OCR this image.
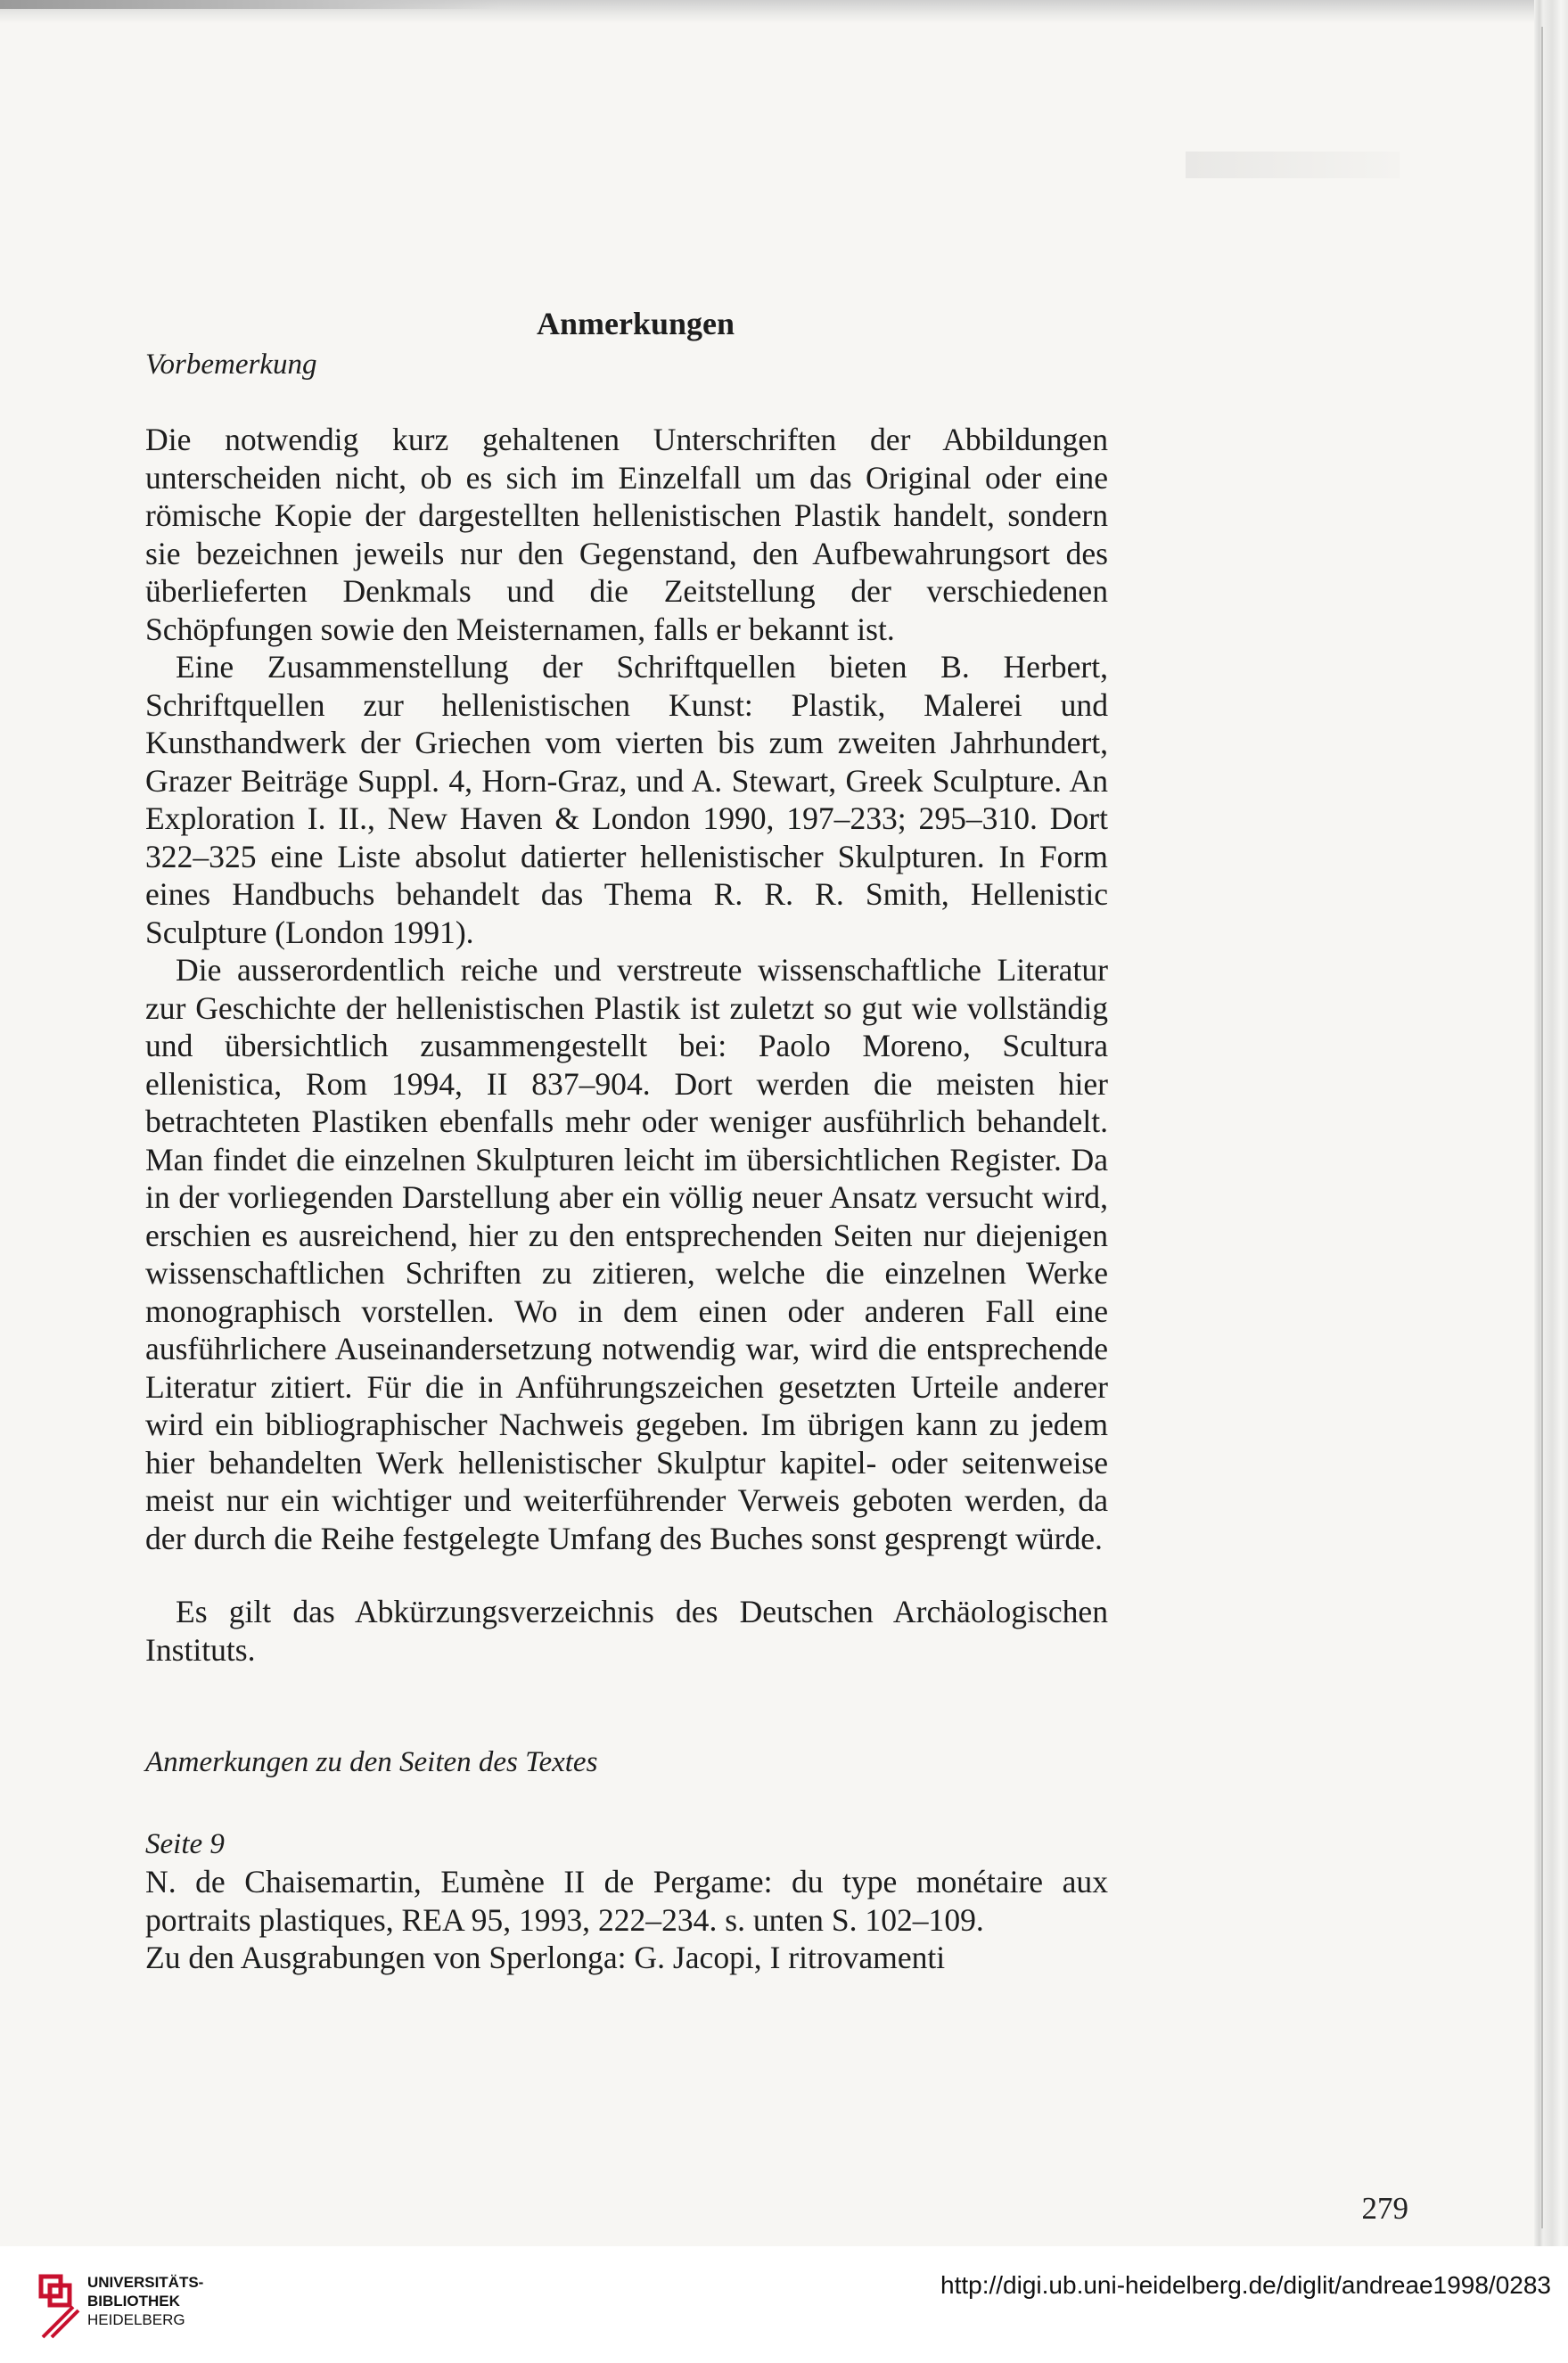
Anmerkungen
Vorbemerkung

Die notwendig kurz gehaltenen Unterschriften der Abbildungen unterscheiden nicht, ob es sich im Einzelfall um das Original oder eine römische Kopie der dargestellten hellenistischen Plastik handelt, sondern sie bezeichnen jeweils nur den Gegenstand, den Aufbewahrungsort des überlieferten Denkmals und die Zeitstellung der verschiedenen Schöpfungen sowie den Meisternamen, falls er bekannt ist.

Eine Zusammenstellung der Schriftquellen bieten B. Herbert, Schriftquellen zur hellenistischen Kunst: Plastik, Malerei und Kunsthandwerk der Griechen vom vierten bis zum zweiten Jahrhundert, Grazer Beiträge Suppl. 4, Horn-Graz, und A. Stewart, Greek Sculpture. An Exploration I. II., New Haven & London 1990, 197–233; 295–310. Dort 322–325 eine Liste absolut datierter hellenistischer Skulpturen. In Form eines Handbuchs behandelt das Thema R. R. R. Smith, Hellenistic Sculpture (London 1991).

Die ausserordentlich reiche und verstreute wissenschaftliche Literatur zur Geschichte der hellenistischen Plastik ist zuletzt so gut wie vollständig und übersichtlich zusammengestellt bei: Paolo Moreno, Scultura ellenistica, Rom 1994, II 837–904. Dort werden die meisten hier betrachteten Plastiken ebenfalls mehr oder weniger ausführlich behandelt. Man findet die einzelnen Skulpturen leicht im übersichtlichen Register. Da in der vorliegenden Darstellung aber ein völlig neuer Ansatz versucht wird, erschien es ausreichend, hier zu den entsprechenden Seiten nur diejenigen wissenschaftlichen Schriften zu zitieren, welche die einzelnen Werke monographisch vorstellen. Wo in dem einen oder anderen Fall eine ausführlichere Auseinandersetzung notwendig war, wird die entsprechende Literatur zitiert. Für die in Anführungszeichen gesetzten Urteile anderer wird ein bibliographischer Nachweis gegeben. Im übrigen kann zu jedem hier behandelten Werk hellenistischer Skulptur kapitel- oder seitenweise meist nur ein wichtiger und weiterführender Verweis geboten werden, da der durch die Reihe festgelegte Umfang des Buches sonst gesprengt würde.

Es gilt das Abkürzungsverzeichnis des Deutschen Archäologischen Instituts.

Anmerkungen zu den Seiten des Textes
Seite 9

N. de Chaisemartin, Eumène II de Pergame: du type monétaire aux portraits plastiques, REA 95, 1993, 222–234. s. unten S. 102–109.

Zu den Ausgrabungen von Sperlonga: G. Jacopi, I ritrovamenti

279
UNIVERSITÄTS-
BIBLIOTHEK
HEIDELBERG
http://digi.ub.uni-heidelberg.de/diglit/andreae1998/0283
